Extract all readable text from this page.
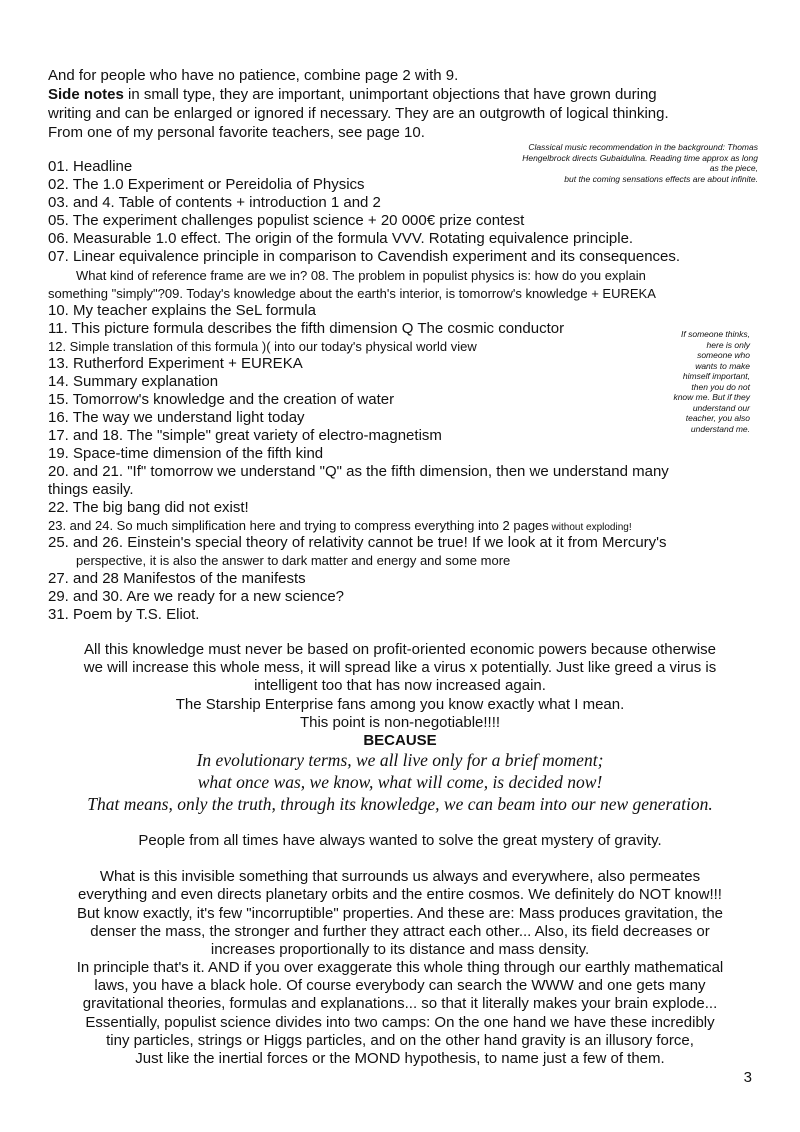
And for people who have no patience, combine page 2 with 9.

Side notes in small type, they are important, unimportant objections that have grown during

writing and can be enlarged or ignored if necessary. They are an outgrowth of logical thinking.

From one of my personal favorite teachers, see page 10.

Classical music recommendation in the background: Thomas
Hengelbrock directs Gubaidulina. Reading time approx as long
as the piece,
but the coming sensations effects are about infinite.

01. Headline

02. The 1.0 Experiment or Pereidolia of Physics

03. and 4. Table of contents + introduction 1 and 2

05. The experiment challenges populist science + 20 000€ prize contest

06. Measurable 1.0 effect. The origin of the formula VVV. Rotating equivalence principle.

07. Linear equivalence principle in comparison to Cavendish experiment and its consequences.

What kind of reference frame are we in? 08. The problem in populist physics is: how do you explain

something "simply"?09. Today's knowledge about the earth's interior, is tomorrow's knowledge + EUREKA

10. My teacher explains the SeL formula

11. This picture formula describes the fifth dimension Q The cosmic conductor

12. Simple translation of this formula )( into our today's physical world view

13. Rutherford Experiment + EUREKA

14. Summary explanation

15. Tomorrow's knowledge and the creation of water

16. The way we understand light today

17. and 18. The "simple" great variety of electro-magnetism

19. Space-time dimension of the fifth kind

20. and 21. "If" tomorrow we understand "Q" as the fifth dimension, then we understand many

things easily.

22. The big bang did not exist!

23. and 24. So much simplification here and trying to compress everything into 2 pages without exploding!

25. and 26. Einstein's special theory of relativity cannot be true! If we look at it from Mercury's

perspective, it is also the answer to dark matter and energy and some more

27. and 28 Manifestos of the manifests

29. and 30. Are we ready for a new science?

31. Poem by T.S. Eliot.

If someone thinks,
here is only
someone who
wants to make
himself important,
then you do not
know me. But if they
understand our
teacher, you also
understand me.

All this knowledge must never be based on profit-oriented economic powers because otherwise

we will increase this whole mess, it will spread like a virus x potentially. Just like greed a virus is

intelligent too that has now increased again.

The Starship Enterprise fans among you know exactly what I mean.

This point is non-negotiable!!!!

BECAUSE

In evolutionary terms, we all live only for a brief moment;

what once was, we know, what will come, is decided now!

That means, only the truth, through its knowledge, we can beam into our new generation.

People from all times have always wanted to solve the great mystery of gravity.

What is this invisible something that surrounds us always and everywhere, also permeates

everything and even directs planetary orbits and the entire cosmos. We definitely do NOT know!!!

But know exactly, it's few "incorruptible" properties. And these are: Mass produces gravitation, the

denser the mass, the stronger and further they attract each other... Also, its field decreases or

increases proportionally to its distance and mass density.

In principle that's it. AND if you over exaggerate this whole thing through our earthly mathematical

laws, you have a black hole. Of course everybody can search the WWW and one gets many

gravitational theories, formulas and explanations... so that it literally makes your brain explode...

Essentially, populist science divides into two camps: On the one hand we have these incredibly

tiny particles, strings or Higgs particles, and on the other hand gravity is an illusory force,

Just like the inertial forces or the MOND hypothesis, to name just a few of them.

3
